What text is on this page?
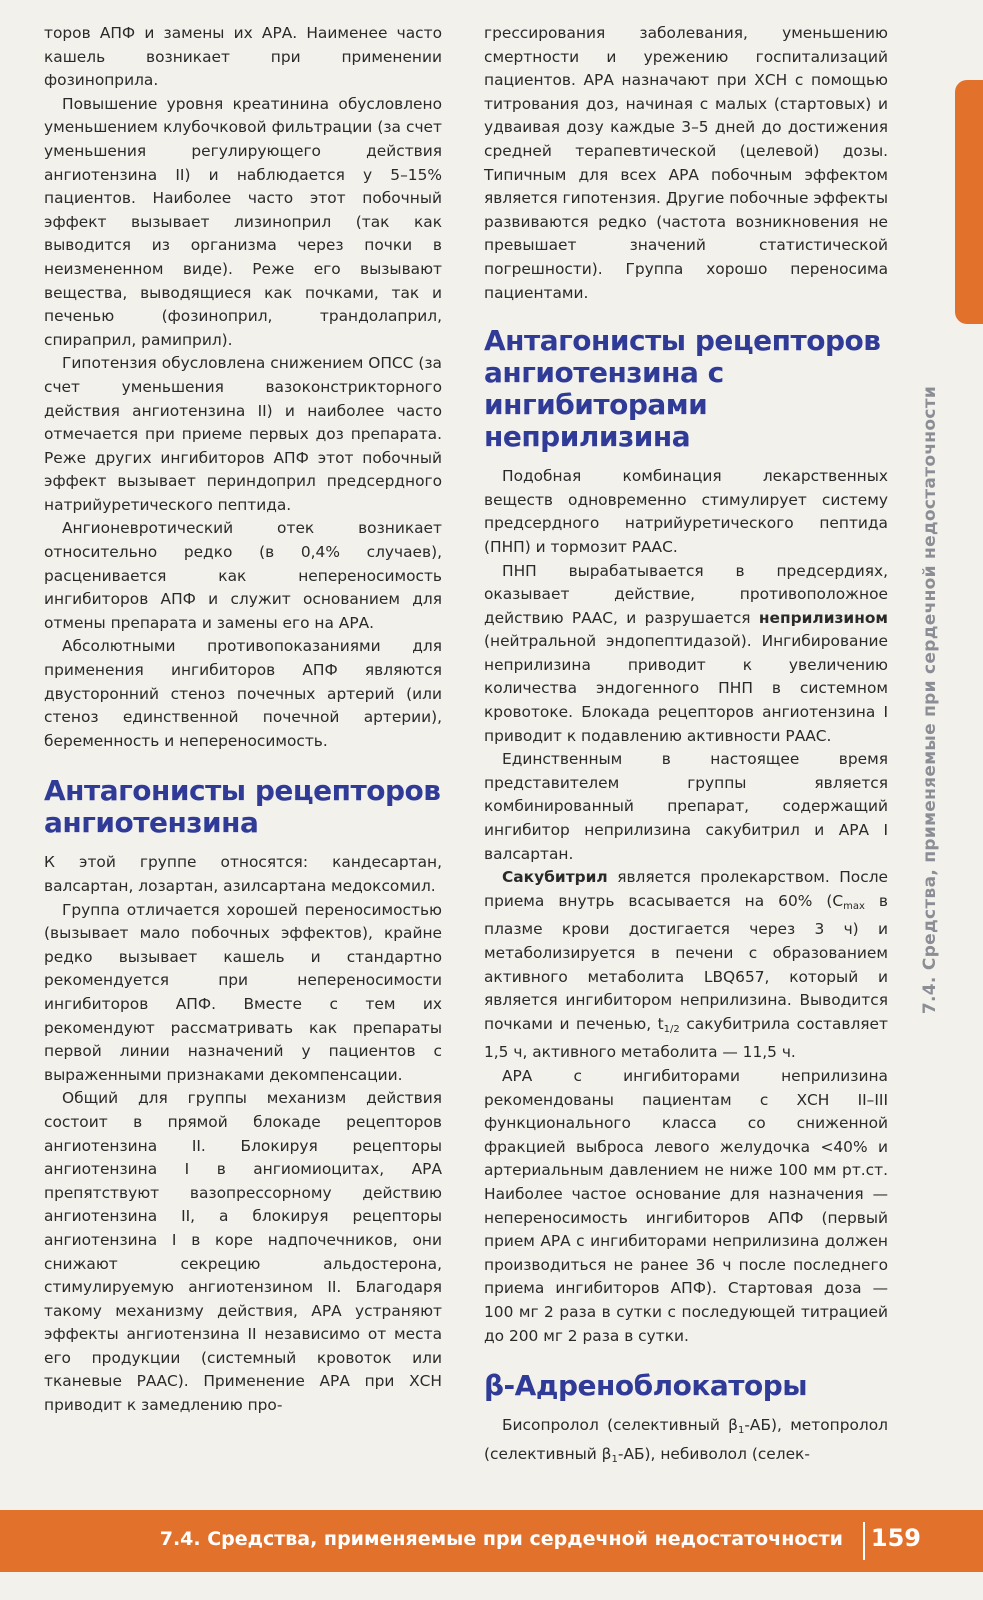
торов АПФ и замены их АРА. Наименее часто кашель возникает при применении фозиноприла.

Повышение уровня креатинина обусловлено уменьшением клубочковой фильтрации (за счет уменьшения регулирующего действия ангиотензина II) и наблюдается у 5–15% пациентов. Наиболее часто этот побочный эффект вызывает лизиноприл (так как выводится из организма через почки в неизмененном виде). Реже его вызывают вещества, выводящиеся как почками, так и печенью (фозиноприл, трандолаприл, спираприл, рамиприл).

Гипотензия обусловлена снижением ОПСС (за счет уменьшения вазоконстрикторного действия ангиотензина II) и наиболее часто отмечается при приеме первых доз препарата. Реже других ингибиторов АПФ этот побочный эффект вызывает периндоприл предсердного натрийуретического пептида.

Ангионевротический отек возникает относительно редко (в 0,4% случаев), расценивается как непереносимость ингибиторов АПФ и служит основанием для отмены препарата и замены его на АРА.

Абсолютными противопоказаниями для применения ингибиторов АПФ являются двусторонний стеноз почечных артерий (или стеноз единственной почечной артерии), беременность и непереносимость.

Антагонисты рецепторов ангиотензина

К этой группе относятся: кандесартан, валсартан, лозартан, азилсартана медоксомил.

Группа отличается хорошей переносимостью (вызывает мало побочных эффектов), крайне редко вызывает кашель и стандартно рекомендуется при непереносимости ингибиторов АПФ. Вместе с тем их рекомендуют рассматривать как препараты первой линии назначений у пациентов с выраженными признаками декомпенсации.

Общий для группы механизм действия состоит в прямой блокаде рецепторов ангиотензина II. Блокируя рецепторы ангиотензина I в ангиомиоцитах, АРА препятствуют вазопрессорному действию ангиотензина II, а блокируя рецепторы ангиотензина I в коре надпочечников, они снижают секрецию альдостерона, стимулируемую ангиотензином II. Благодаря такому механизму действия, АРА устраняют эффекты ангиотензина II независимо от места его продукции (системный кровоток или тканевые РААС). Применение АРА при ХСН приводит к замедлению про-

грессирования заболевания, уменьшению смертности и урежению госпитализаций пациентов. АРА назначают при ХСН с помощью титрования доз, начиная с малых (стартовых) и удваивая дозу каждые 3–5 дней до достижения средней терапевтической (целевой) дозы. Типичным для всех АРА побочным эффектом является гипотензия. Другие побочные эффекты развиваются редко (частота возникновения не превышает значений статистической погрешности). Группа хорошо переносима пациентами.

Антагонисты рецепторов ангиотензина с ингибиторами неприлизина

Подобная комбинация лекарственных веществ одновременно стимулирует систему предсердного натрийуретического пептида (ПНП) и тормозит РААС.

ПНП вырабатывается в предсердиях, оказывает действие, противоположное действию РААС, и разрушается неприлизином (нейтральной эндопептидазой). Ингибирование неприлизина приводит к увеличению количества эндогенного ПНП в системном кровотоке. Блокада рецепторов ангиотензина I приводит к подавлению активности РААС.

Единственным в настоящее время представителем группы является комбинированный препарат, содержащий ингибитор неприлизина сакубитрил и АРА I валсартан.

Сакубитрил является пролекарством. После приема внутрь всасывается на 60% ($C_{max}$ в плазме крови достигается через 3 ч) и метаболизируется в печени с образованием активного метаболита LBQ657, который и является ингибитором неприлизина. Выводится почками и печенью, $t_{1/2}$ сакубитрила составляет 1,5 ч, активного метаболита — 11,5 ч.

АРА с ингибиторами неприлизина рекомендованы пациентам с ХСН II–III функционального класса со сниженной фракцией выброса левого желудочка <40% и артериальным давлением не ниже 100 мм рт.ст. Наиболее частое основание для назначения — непереносимость ингибиторов АПФ (первый прием АРА с ингибиторами неприлизина должен производиться не ранее 36 ч после последнего приема ингибиторов АПФ). Стартовая доза — 100 мг 2 раза в сутки с последующей титрацией до 200 мг 2 раза в сутки.

β-Адреноблокаторы

Бисопролол (селективный $\beta_1-АБ$), метопролол (селективный $\beta_1-АБ$), небиволол (селек-

7.4. Средства, применяемые при сердечной недостаточности
7.4. Средства, применяемые при сердечной недостаточности 159
